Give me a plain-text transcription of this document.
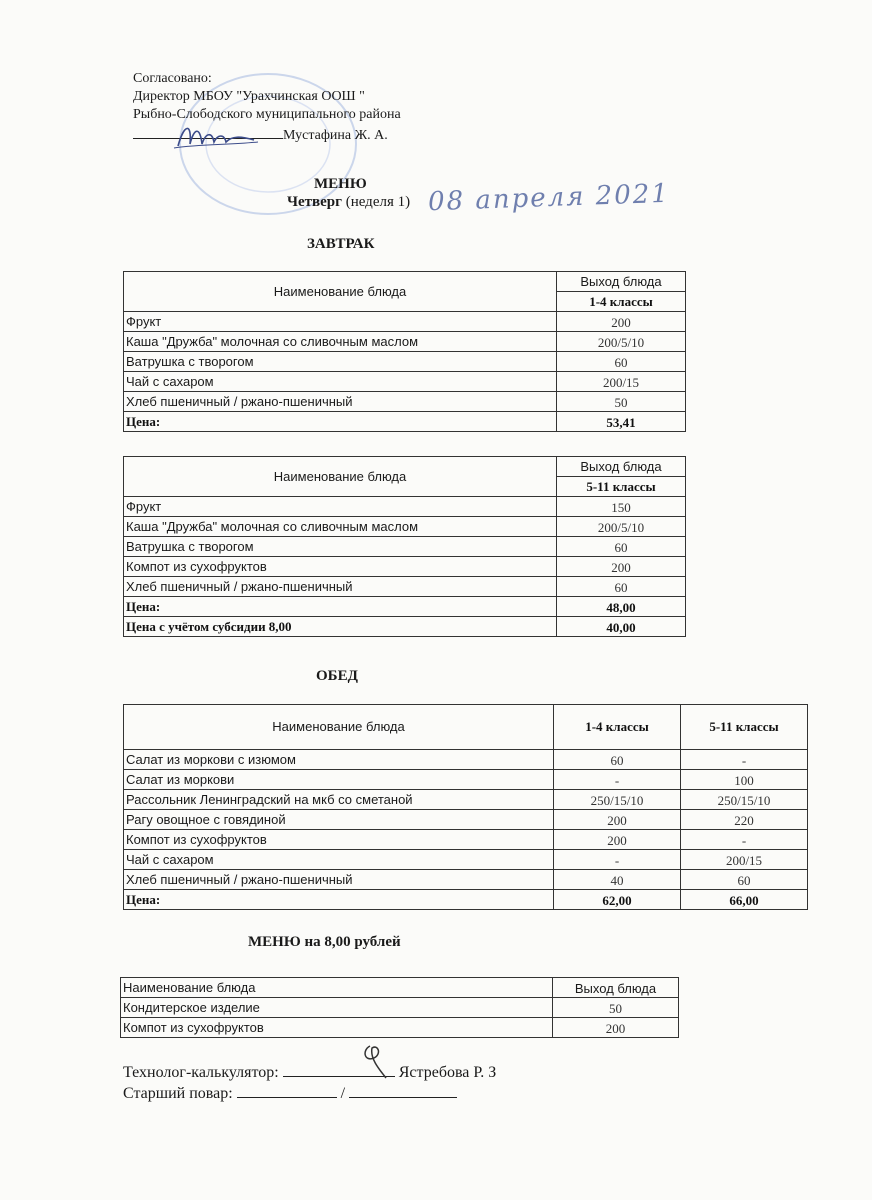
Согласовано:
Директор МБОУ "Урахчинская ООШ "
Рыбно-Слободского муниципального района
Мустафина Ж. А.
МЕНЮ
Четверг (неделя 1) 08 апреля 2021
ЗАВТРАК
Наименование блюда	Выход блюда
	1-4 классы
Фрукт	200
Каша "Дружба" молочная со сливочным маслом	200/5/10
Ватрушка с творогом	60
Чай с сахаром	200/15
Хлеб пшеничный / ржано-пшеничный	50
Цена:	53,41
Наименование блюда	Выход блюда
	5-11 классы
Фрукт	150
Каша "Дружба" молочная со сливочным маслом	200/5/10
Ватрушка с творогом	60
Компот из сухофруктов	200
Хлеб пшеничный / ржано-пшеничный	60
Цена:	48,00
Цена с учётом субсидии 8,00	40,00
ОБЕД
Наименование блюда	1-4 классы	5-11 классы
Салат из моркови с изюмом	60	-
Салат из моркови	-	100
Рассольник Ленинградский на мкб со сметаной	250/15/10	250/15/10
Рагу овощное с говядиной	200	220
Компот из сухофруктов	200	-
Чай с сахаром	-	200/15
Хлеб пшеничный / ржано-пшеничный	40	60
Цена:	62,00	66,00
МЕНЮ на 8,00 рублей
Наименование блюда	Выход блюда
Кондитерское изделие	50
Компот из сухофруктов	200
Технолог-калькулятор:	Ястребова Р. З
Старший повар:	/
